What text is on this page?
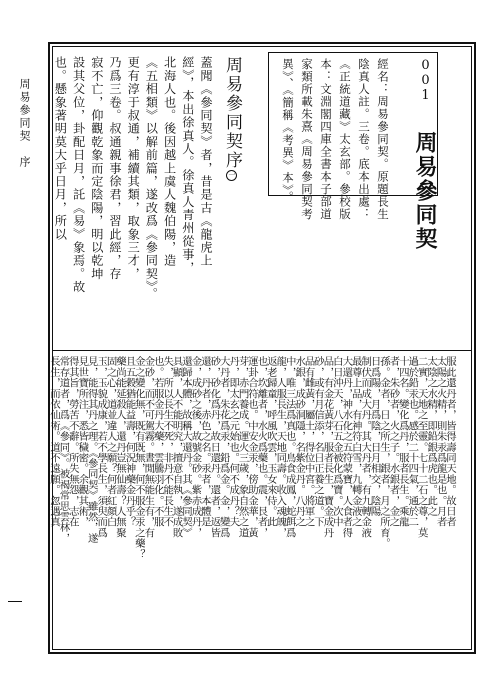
周易參同契　序	001 周易參同契
經名：周易參同契。原題長生
陰真人註。三卷。底本出處：
《正統道藏》太玄部。參校版
本：文淵閣四庫全書本子部道
家類所載朱熹《周易參同契考
異》、《簡稱《考異》本》。
周易參同契序一
蓋聞《參同契》者，昔是古《龍虎上
經》，本出徐真人。徐真人青州從事，
北海人也。後因越上虞人魏伯陽，造
《五相類》以解前篇，遂改爲《參同契》。
更有淳于叔通，補續其類，取象三才，
乃爲三卷。叔通親事徐君，習此經，存
寂不亡，仰觀乾象而定陰陽，明以乾坤
設其父位，卦配日月，託《易》象焉。故
也。懸象著明莫大乎日月，所以
服此還丹者，皆得壽同天地。故日者
太陽之火精，則朱汞爲龍是也。月者
太陰之水精，即鉛銀爲虎也。此之
二實，天地之至靈。七十二石之尊，莫
過於鉛汞也。感於二十四氣，通於二
十四名。變化爲丹，服者長生。乘龍
者，朱砂者，火之子。水銀者，金之
孫。金者，日之所生，銀者，月之所育。
日爲陽，月爲陰，日月相交，陰陽
制伏而成大丹。其大丹者，有九轉金液
最尊上品，有神符白雪，九轉金液之
大還丹，神水化之五符蒙寶，人食者得
白日沖天，八石五金被化爲寶。次中
品，有金花黃芽，服者長生，寶金成丹
砂，或有月信添，名日正養之道。下
品有雌黃，屬土，得位中宮。將軍之
水銀，成砂洞隱，名紫金丹。八丹之
中，唯三法爲真也。鳥食成鳳，蛇餌爲
龍，人服長生，天地同壽。收入魂魄，
返老歸童，呼風吹雲，玉女來侍。此
也，坎離者，水火爲藥也。震，艮者，
運卦合符也。中安金汞，傍助金華，黃
芽，赤門養成。運火三歲，象自然之道
丹，即太玄之元始也。何不成丹？夫
大丹者，朱花爲汞，鉛爲金。金，變爲
砂，砂化爲丹，故日還丹。還者，返皆
還，丹者，赤色之名。汞者，本體是
金，成砂之後，故號金砂。紫赤成丹，
還歸本體，故稱大還丹。其《參同契》
具顯，人不能明究，擅意自執，遂成敗
失，所以長生不死，非丹不能長生不
也。若服金丹大藥，雲騰羽化。不服
金砂，而不可駕霧。晝閒無能生有，有
金之變化無，既有既無，何不服金汞之藥？
且五穀猶能益壽，何況神藥金丹乎？
藥尚能延殺人，還丹豈無仙壽？人無聚
固之心，道並違人之願？何者紅顏白
玉，玉貌成康，若不學長生，須臾而爲
見，能得其丹之理。《參同契》雖然，遂
見世寶所注，悉皆穢密。余觀其術，
得其旨，勞苦不辭。所失無怨，志在
常存道者，爲《參同》。被褐常思雲林，
長生，而依仙術。道不遠願。忽遇真
